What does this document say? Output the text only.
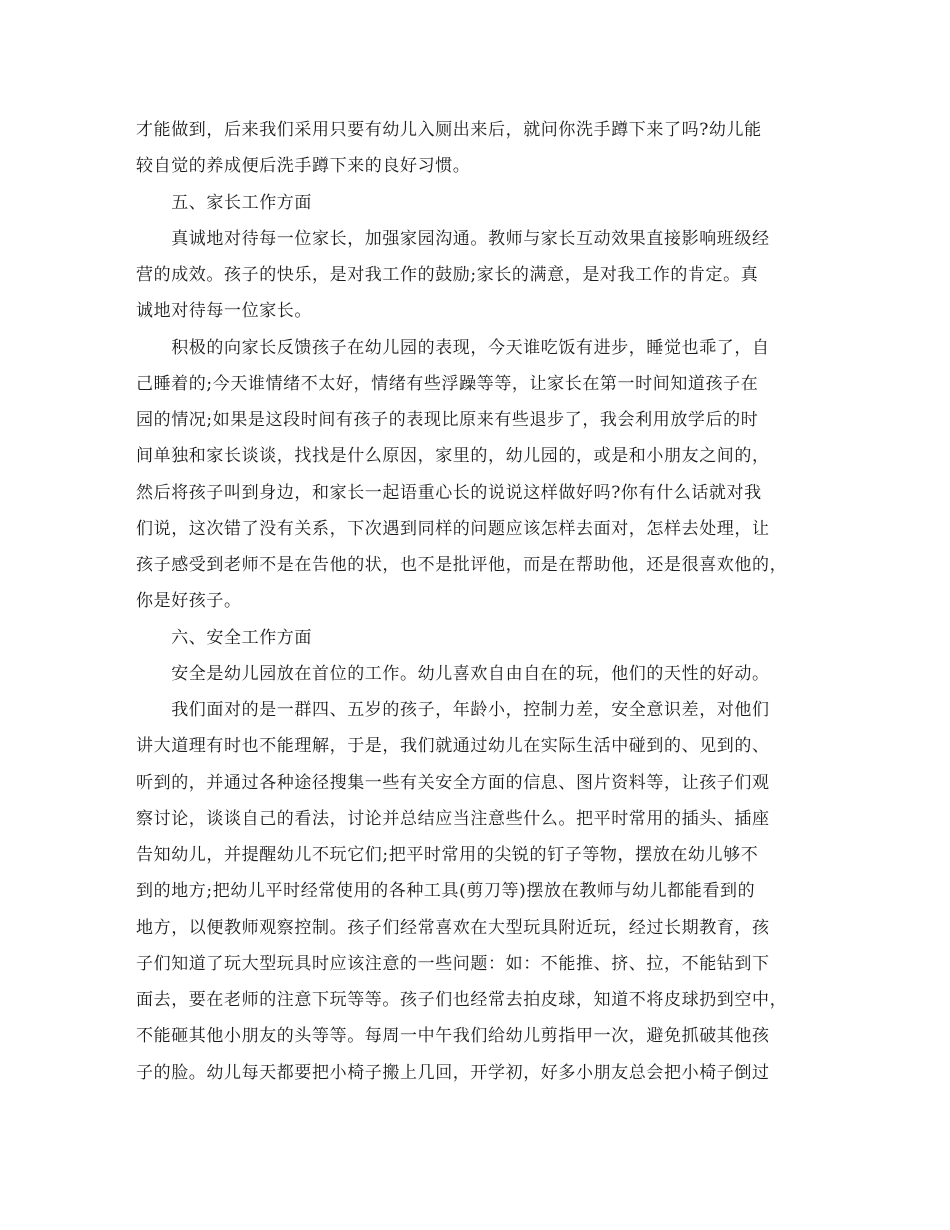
才能做到，后来我们采用只要有幼儿入厕出来后，就问你洗手蹲下来了吗?幼儿能
较自觉的养成便后洗手蹲下来的良好习惯。
　　五、家长工作方面
　　真诚地对待每一位家长，加强家园沟通。教师与家长互动效果直接影响班级经
营的成效。孩子的快乐，是对我工作的鼓励;家长的满意，是对我工作的肯定。真
诚地对待每一位家长。
　　积极的向家长反馈孩子在幼儿园的表现，今天谁吃饭有进步，睡觉也乖了，自
己睡着的;今天谁情绪不太好，情绪有些浮躁等等，让家长在第一时间知道孩子在
园的情况;如果是这段时间有孩子的表现比原来有些退步了，我会利用放学后的时
间单独和家长谈谈，找找是什么原因，家里的，幼儿园的，或是和小朋友之间的，
然后将孩子叫到身边，和家长一起语重心长的说说这样做好吗?你有什么话就对我
们说，这次错了没有关系，下次遇到同样的问题应该怎样去面对，怎样去处理，让
孩子感受到老师不是在告他的状，也不是批评他，而是在帮助他，还是很喜欢他的，
你是好孩子。
　　六、安全工作方面
　　安全是幼儿园放在首位的工作。幼儿喜欢自由自在的玩，他们的天性的好动。
　　我们面对的是一群四、五岁的孩子，年龄小，控制力差，安全意识差，对他们
讲大道理有时也不能理解，于是，我们就通过幼儿在实际生活中碰到的、见到的、
听到的，并通过各种途径搜集一些有关安全方面的信息、图片资料等，让孩子们观
察讨论，谈谈自己的看法，讨论并总结应当注意些什么。把平时常用的插头、插座
告知幼儿，并提醒幼儿不玩它们;把平时常用的尖锐的钉子等物，摆放在幼儿够不
到的地方;把幼儿平时经常使用的各种工具(剪刀等)摆放在教师与幼儿都能看到的
地方，以便教师观察控制。孩子们经常喜欢在大型玩具附近玩，经过长期教育，孩
子们知道了玩大型玩具时应该注意的一些问题：如：不能推、挤、拉，不能钻到下
面去，要在老师的注意下玩等等。孩子们也经常去拍皮球，知道不将皮球扔到空中，
不能砸其他小朋友的头等等。每周一中午我们给幼儿剪指甲一次，避免抓破其他孩
子的脸。幼儿每天都要把小椅子搬上几回，开学初，好多小朋友总会把小椅子倒过
